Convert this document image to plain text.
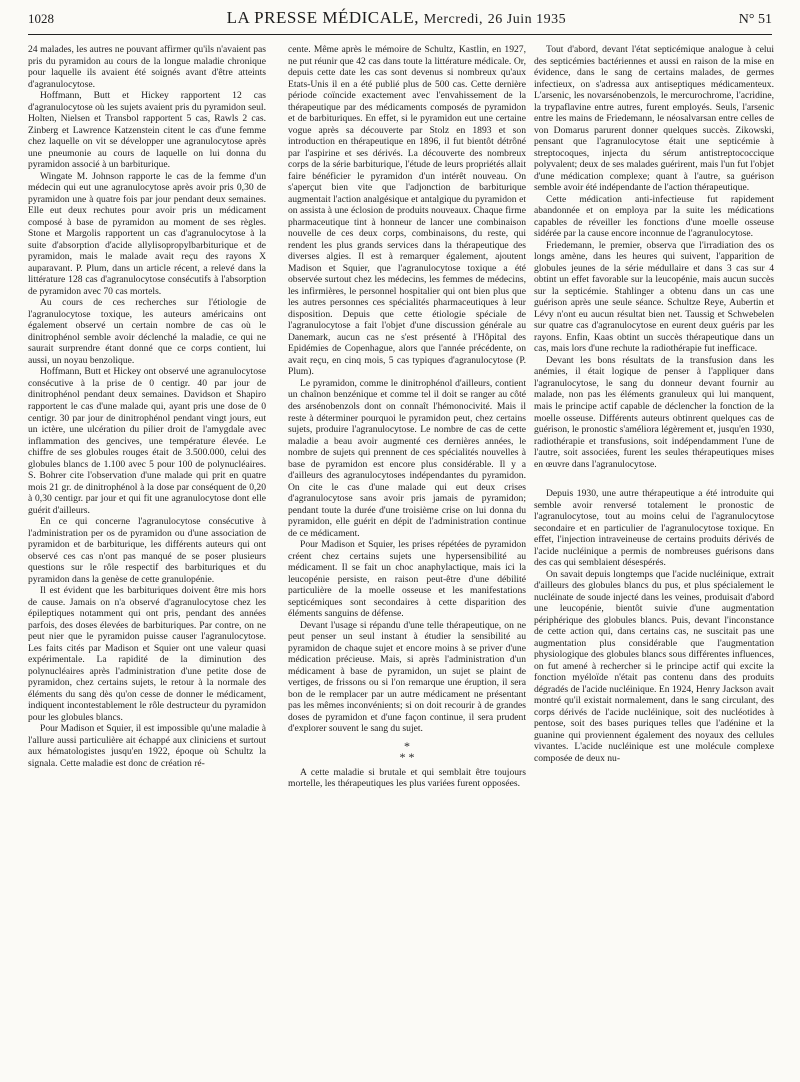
1028	LA PRESSE MÉDICALE, Mercredi, 26 Juin 1935	N° 51

24 malades, les autres ne pouvant affirmer qu'ils n'avaient pas pris du pyramidon au cours de la longue maladie chronique pour laquelle ils avaient été soignés avant d'être atteints d'agranulocytose.

Hoffmann, Butt et Hickey rapportent 12 cas d'agranulocytose où les sujets avaient pris du pyramidon seul. Holten, Nielsen et Transbol rapportent 5 cas, Rawls 2 cas. Zinberg et Lawrence Katzenstein citent le cas d'une femme chez laquelle on vit se développer une agranulocytose après une pneumonie au cours de laquelle on lui donna du pyramidon associé à un barbiturique.

Wingate M. Johnson rapporte le cas de la femme d'un médecin qui eut une agranulocytose après avoir pris 0,30 de pyramidon une à quatre fois par jour pendant deux semaines. Elle eut deux rechutes pour avoir pris un médicament composé à base de pyramidon au moment de ses règles. Stone et Margolis rapportent un cas d'agranulocytose à la suite d'absorption d'acide allylisopropylbarbiturique et de pyramidon, mais le malade avait reçu des rayons X auparavant. P. Plum, dans un article récent, a relevé dans la littérature 128 cas d'agranulocytose consécutifs à l'absorption de pyramidon avec 70 cas mortels.

Au cours de ces recherches sur l'étiologie de l'agranulocytose toxique, les auteurs américains ont également observé un certain nombre de cas où le dinitrophénol semble avoir déclenché la maladie, ce qui ne saurait surprendre étant donné que ce corps contient, lui aussi, un noyau benzolique.

Hoffmann, Butt et Hickey ont observé une agranulocytose consécutive à la prise de 0 centigr. 40 par jour de dinitrophénol pendant deux semaines. Davidson et Shapiro rapportent le cas d'une malade qui, ayant pris une dose de 0 centigr. 30 par jour de dinitrophénol pendant vingt jours, eut un ictère, une ulcération du pilier droit de l'amygdale avec inflammation des gencives, une température élevée. Le chiffre de ses globules rouges était de 3.500.000, celui des globules blancs de 1.100 avec 5 pour 100 de polynucléaires. S. Bohrer cite l'observation d'une malade qui prit en quatre mois 21 gr. de dinitrophénol à la dose par conséquent de 0,20 à 0,30 centigr. par jour et qui fit une agranulocytose dont elle guérit d'ailleurs.

En ce qui concerne l'agranulocytose consécutive à l'administration per os de pyramidon ou d'une association de pyramidon et de barbiturique, les différents auteurs qui ont observé ces cas n'ont pas manqué de se poser plusieurs questions sur le rôle respectif des barbituriques et du pyramidon dans la genèse de cette granulopénie.

Il est évident que les barbituriques doivent être mis hors de cause. Jamais on n'a observé d'agranulocytose chez les épileptiques notamment qui ont pris, pendant des années parfois, des doses élevées de barbituriques. Par contre, on ne peut nier que le pyramidon puisse causer l'agranulocytose. Les faits cités par Madison et Squier ont une valeur quasi expérimentale. La rapidité de la diminution des polynucléaires après l'administration d'une petite dose de pyramidon, chez certains sujets, le retour à la normale des éléments du sang dès qu'on cesse de donner le médicament, indiquent incontestablement le rôle destructeur du pyramidon pour les globules blancs.

Pour Madison et Squier, il est impossible qu'une maladie à l'allure aussi particulière ait échappé aux cliniciens et surtout aux hématologistes jusqu'en 1922, époque où Schultz la signala. Cette maladie est donc de création ré-

cente. Même après le mémoire de Schultz, Kastlin, en 1927, ne put réunir que 42 cas dans toute la littérature médicale. Or, depuis cette date les cas sont devenus si nombreux qu'aux Etats-Unis il en a été publié plus de 500 cas. Cette dernière période coïncide exactement avec l'envahissement de la thérapeutique par des médicaments composés de pyramidon et de barbituriques. En effet, si le pyramidon eut une certaine vogue après sa découverte par Stolz en 1893 et son introduction en thérapeutique en 1896, il fut bientôt détrôné par l'aspirine et ses dérivés. La découverte des nombreux corps de la série barbiturique, l'étude de leurs propriétés allait faire bénéficier le pyramidon d'un intérêt nouveau. On s'aperçut bien vite que l'adjonction de barbiturique augmentait l'action analgésique et antalgique du pyramidon et on assista à une éclosion de produits nouveaux. Chaque firme pharmaceutique tint à honneur de lancer une combinaison nouvelle de ces deux corps, combinaisons, du reste, qui rendent les plus grands services dans la thérapeutique des diverses algies. Il est à remarquer également, ajoutent Madison et Squier, que l'agranulocytose toxique a été observée surtout chez les médecins, les femmes de médecins, les infirmières, le personnel hospitalier qui ont bien plus que les autres personnes ces spécialités pharmaceutiques à leur disposition. Depuis que cette étiologie spéciale de l'agranulocytose a fait l'objet d'une discussion générale au Danemark, aucun cas ne s'est présenté à l'Hôpital des Epidémies de Copenhague, alors que l'année précédente, on avait reçu, en cinq mois, 5 cas typiques d'agranulocytose (P. Plum).

Le pyramidon, comme le dinitrophénol d'ailleurs, contient un chaînon benzénique et comme tel il doit se ranger au côté des arsénobenzols dont on connaît l'hémonocivité. Mais il reste à déterminer pourquoi le pyramidon peut, chez certains sujets, produire l'agranulocytose. Le nombre de cas de cette maladie a beau avoir augmenté ces dernières années, le nombre de sujets qui prennent de ces spécialités nouvelles à base de pyramidon est encore plus considérable. Il y a d'ailleurs des agranulocytoses indépendantes du pyramidon. On cite le cas d'une malade qui eut deux crises d'agranulocytose sans avoir pris jamais de pyramidon; pendant toute la durée d'une troisième crise on lui donna du pyramidon, elle guérit en dépit de l'administration continue de ce médicament.

Pour Madison et Squier, les prises répétées de pyramidon créent chez certains sujets une hypersensibilité au médicament. Il se fait un choc anaphylactique, mais ici la leucopénie persiste, en raison peut-être d'une débilité particulière de la moelle osseuse et les manifestations septicémiques sont secondaires à cette disparition des éléments sanguins de défense.

Devant l'usage si répandu d'une telle thérapeutique, on ne peut penser un seul instant à étudier la sensibilité au pyramidon de chaque sujet et encore moins à se priver d'une médication précieuse. Mais, si après l'administration d'un médicament à base de pyramidon, un sujet se plaint de vertiges, de frissons ou si l'on remarque une éruption, il sera bon de le remplacer par un autre médicament ne présentant pas les mêmes inconvénients; si on doit recourir à de grandes doses de pyramidon et d'une façon continue, il sera prudent d'explorer souvent le sang du sujet.

*
* *

A cette maladie si brutale et qui semblait être toujours mortelle, les thérapeutiques les plus variées furent opposées.

Tout d'abord, devant l'état septicémique analogue à celui des septicémies bactériennes et aussi en raison de la mise en évidence, dans le sang de certains malades, de germes infectieux, on s'adressa aux antiseptiques médicamenteux. L'arsenic, les novarsénobenzols, le mercurochrome, l'acridine, la trypaflavine entre autres, furent employés. Seuls, l'arsenic entre les mains de Friedemann, le néosalvarsan entre celles de von Domarus parurent donner quelques succès. Zikowski, pensant que l'agranulocytose était une septicémie à streptocoques, injecta du sérum antistreptococcique polyvalent; deux de ses malades guérirent, mais l'un fut l'objet d'une médication complexe; quant à l'autre, sa guérison semble avoir été indépendante de l'action thérapeutique.

Cette médication anti-infectieuse fut rapidement abandonnée et on employa par la suite les médications capables de réveiller les fonctions d'une moelle osseuse sidérée par la cause encore inconnue de l'agranulocytose.

Friedemann, le premier, observa que l'irradiation des os longs amène, dans les heures qui suivent, l'apparition de globules jeunes de la série médullaire et dans 3 cas sur 4 obtint un effet favorable sur la leucopénie, mais aucun succès sur la septicémie. Stahlinger a obtenu dans un cas une guérison après une seule séance. Schultze Reye, Aubertin et Lévy n'ont eu aucun résultat bien net. Taussig et Schwebelen sur quatre cas d'agranulocytose en eurent deux guéris par les rayons. Enfin, Kaas obtint un succès thérapeutique dans un cas, mais lors d'une rechute la radiothérapie fut inefficace.

Devant les bons résultats de la transfusion dans les anémies, il était logique de penser à l'appliquer dans l'agranulocytose, le sang du donneur devant fournir au malade, non pas les éléments granuleux qui lui manquent, mais le principe actif capable de déclencher la fonction de la moelle osseuse. Différents auteurs obtinrent quelques cas de guérison, le pronostic s'améliora légèrement et, jusqu'en 1930, radiothérapie et transfusions, soit indépendamment l'une de l'autre, soit associées, furent les seules thérapeutiques mises en œuvre dans l'agranulocytose.

Depuis 1930, une autre thérapeutique a été introduite qui semble avoir renversé totalement le pronostic de l'agranulocytose, tout au moins celui de l'agranulocytose secondaire et en particulier de l'agranulocytose toxique. En effet, l'injection intraveineuse de certains produits dérivés de l'acide nucléinique a permis de nombreuses guérisons dans des cas qui semblaient désespérés.

On savait depuis longtemps que l'acide nucléinique, extrait d'ailleurs des globules blancs du pus, et plus spécialement le nucléinate de soude injecté dans les veines, produisait d'abord une leucopénie, bientôt suivie d'une augmentation périphérique des globules blancs. Puis, devant l'inconstance de cette action qui, dans certains cas, ne suscitait pas une augmentation plus considérable que l'augmentation physiologique des globules blancs sous différentes influences, on fut amené à rechercher si le principe actif qui excite la fonction myéloïde n'était pas contenu dans des produits dégradés de l'acide nucléinique. En 1924, Henry Jackson avait montré qu'il existait normalement, dans le sang circulant, des corps dérivés de l'acide nucléinique, soit des nucléotides à pentose, soit des bases puriques telles que l'adénine et la guanine qui proviennent également des noyaux des cellules vivantes. L'acide nucléinique est une molécule complexe composée de deux nu-
